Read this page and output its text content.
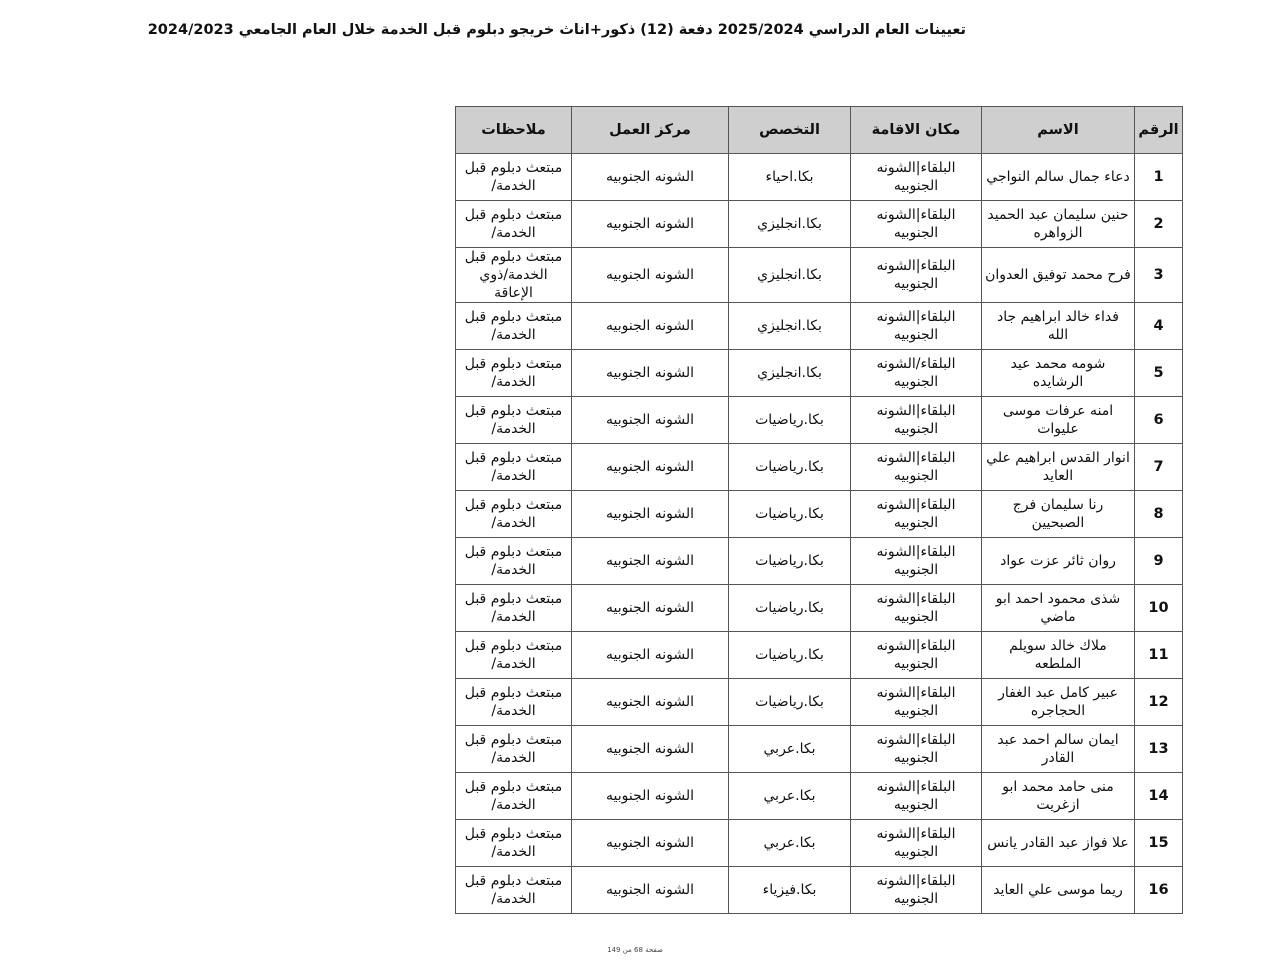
تعيينات العام الدراسي 2025/2024 دفعة (12) ذكور+اناث خريجو دبلوم قبل الخدمة خلال العام الجامعي 2024/2023
الرقم	الاسم	مكان الاقامة	التخصص	مركز العمل	ملاحظات
1	دعاء جمال سالم النواجي	البلقاء|الشونه الجنوبيه	بكا.احياء	الشونه الجنوبيه	مبتعث دبلوم قبل الخدمة/
2	حنين سليمان عبد الحميد الزواهره	البلقاء|الشونه الجنوبيه	بكا.انجليزي	الشونه الجنوبيه	مبتعث دبلوم قبل الخدمة/
3	فرح محمد توفيق العدوان	البلقاء|الشونه الجنوبيه	بكا.انجليزي	الشونه الجنوبيه	مبتعث دبلوم قبل الخدمة/ذوي الإعاقة
4	فداء خالد ابراهيم جاد الله	البلقاء|الشونه الجنوبيه	بكا.انجليزي	الشونه الجنوبيه	مبتعث دبلوم قبل الخدمة/
5	شومه محمد عيد الرشايده	البلقاء/الشونه الجنوبيه	بكا.انجليزي	الشونه الجنوبيه	مبتعث دبلوم قبل الخدمة/
6	امنه عرفات موسى عليوات	البلقاء|الشونه الجنوبيه	بكا.رياضيات	الشونه الجنوبيه	مبتعث دبلوم قبل الخدمة/
7	انوار القدس ابراهيم علي العايد	البلقاء|الشونه الجنوبيه	بكا.رياضيات	الشونه الجنوبيه	مبتعث دبلوم قبل الخدمة/
8	رنا سليمان فرج الصبحيين	البلقاء|الشونه الجنوبيه	بكا.رياضيات	الشونه الجنوبيه	مبتعث دبلوم قبل الخدمة/
9	روان ثائر عزت عواد	البلقاء|الشونه الجنوبيه	بكا.رياضيات	الشونه الجنوبيه	مبتعث دبلوم قبل الخدمة/
10	شذى محمود احمد ابو ماضي	البلقاء|الشونه الجنوبيه	بكا.رياضيات	الشونه الجنوبيه	مبتعث دبلوم قبل الخدمة/
11	ملاك خالد سويلم الملطعه	البلقاء|الشونه الجنوبيه	بكا.رياضيات	الشونه الجنوبيه	مبتعث دبلوم قبل الخدمة/
12	عبير كامل عبد الغفار الحجاجره	البلقاء|الشونه الجنوبيه	بكا.رياضيات	الشونه الجنوبيه	مبتعث دبلوم قبل الخدمة/
13	ايمان سالم احمد عبد القادر	البلقاء|الشونه الجنوبيه	بكا.عربي	الشونه الجنوبيه	مبتعث دبلوم قبل الخدمة/
14	منى حامد محمد ابو ازغريت	البلقاء|الشونه الجنوبيه	بكا.عربي	الشونه الجنوبيه	مبتعث دبلوم قبل الخدمة/
15	علا فواز عبد القادر يانس	البلقاء|الشونه الجنوبيه	بكا.عربي	الشونه الجنوبيه	مبتعث دبلوم قبل الخدمة/
16	ريما موسى علي العايد	البلقاء|الشونه الجنوبيه	بكا.فيزياء	الشونه الجنوبيه	مبتعث دبلوم قبل الخدمة/
صفحة 68 من 149
